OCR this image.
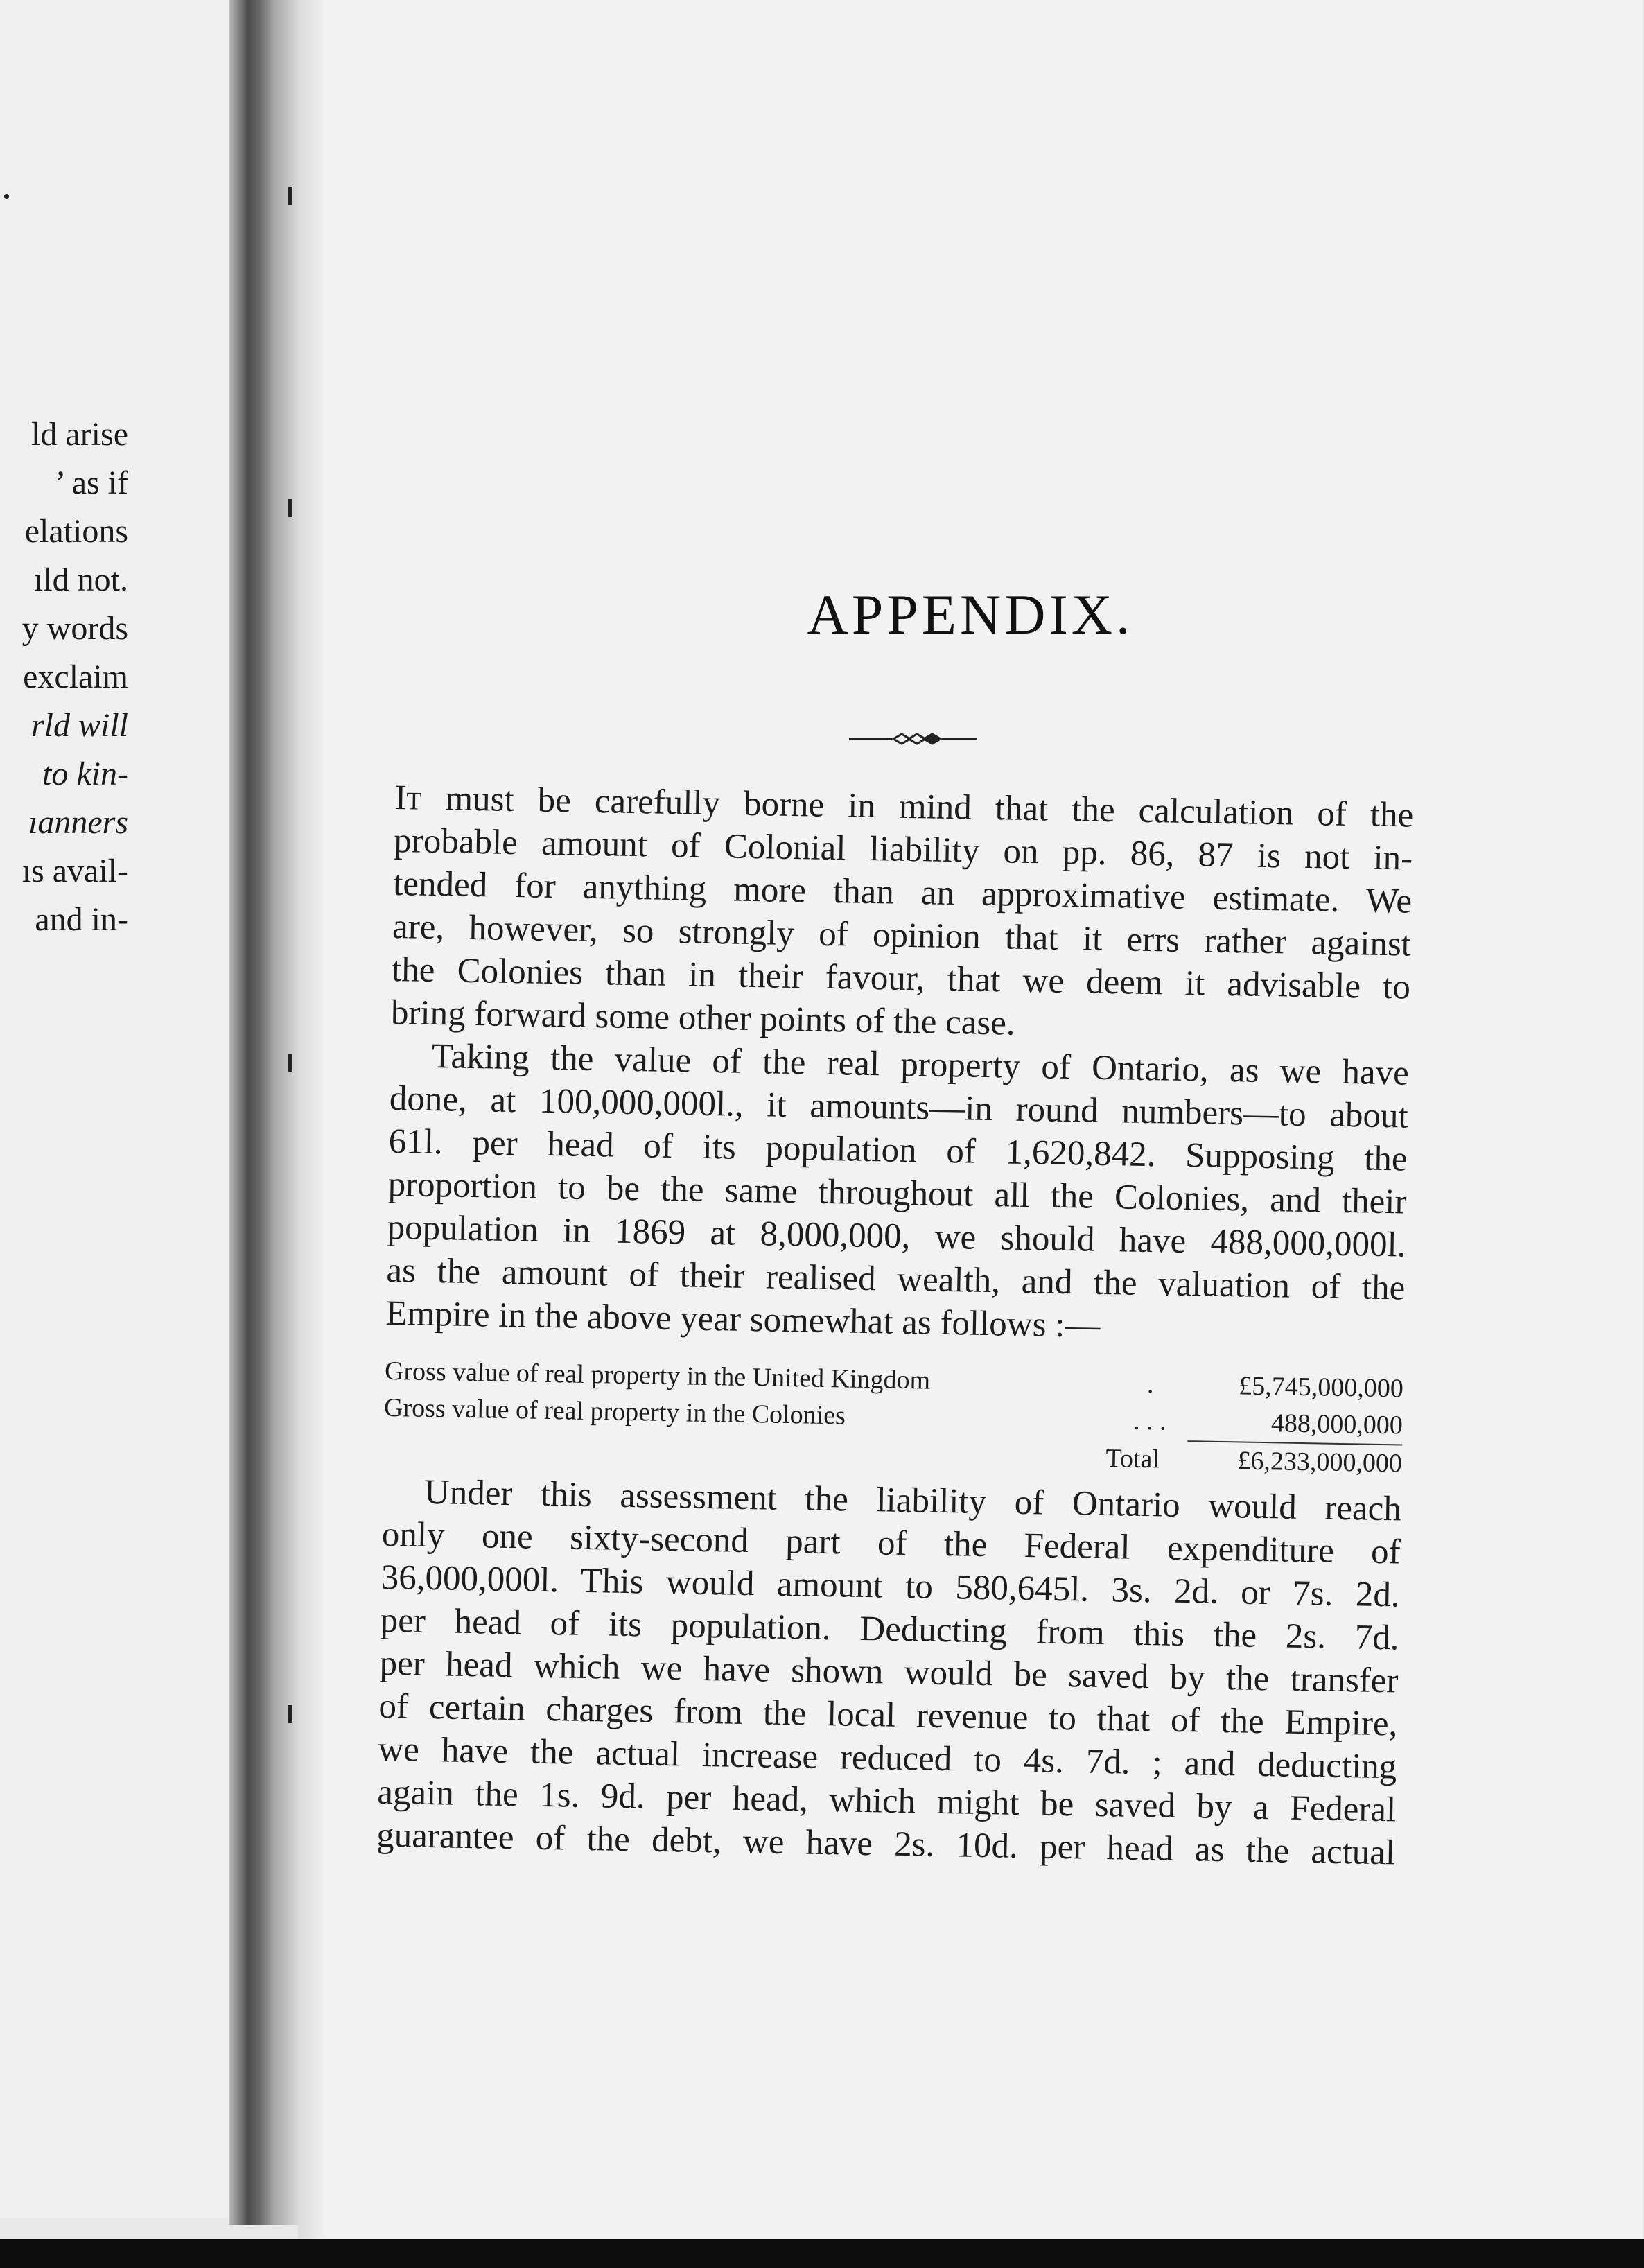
.
ld arise
’ as if
elations
ıld not.
y words
exclaim
rld will
to kin-
ıanners
ıs avail-
and in-
APPENDIX.
It must be carefully borne in mind that the calculation of the
probable amount of Colonial liability on pp. 86, 87 is not in-
tended for anything more than an approximative estimate. We
are, however, so strongly of opinion that it errs rather against
the Colonies than in their favour, that we deem it advisable to
bring forward some other points of the case.
Taking the value of the real property of Ontario, as we have
done, at 100,000,000l., it amounts—in round numbers—to about
61l. per head of its population of 1,620,842. Supposing the
proportion to be the same throughout all the Colonies, and their
population in 1869 at 8,000,000, we should have 488,000,000l.
as the amount of their realised wealth, and the valuation of the
Empire in the above year somewhat as follows :—
Gross value of real property in the United Kingdom	.	£5,745,000,000
Gross value of real property in the Colonies	. . .	488,000,000
Total	£6,233,000,000
Under this assessment the liability of Ontario would reach
only one sixty-second part of the Federal expenditure of
36,000,000l. This would amount to 580,645l. 3s. 2d. or 7s. 2d.
per head of its population. Deducting from this the 2s. 7d.
per head which we have shown would be saved by the transfer
of certain charges from the local revenue to that of the Empire,
we have the actual increase reduced to 4s. 7d. ; and deducting
again the 1s. 9d. per head, which might be saved by a Federal
guarantee of the debt, we have 2s. 10d. per head as the actual
